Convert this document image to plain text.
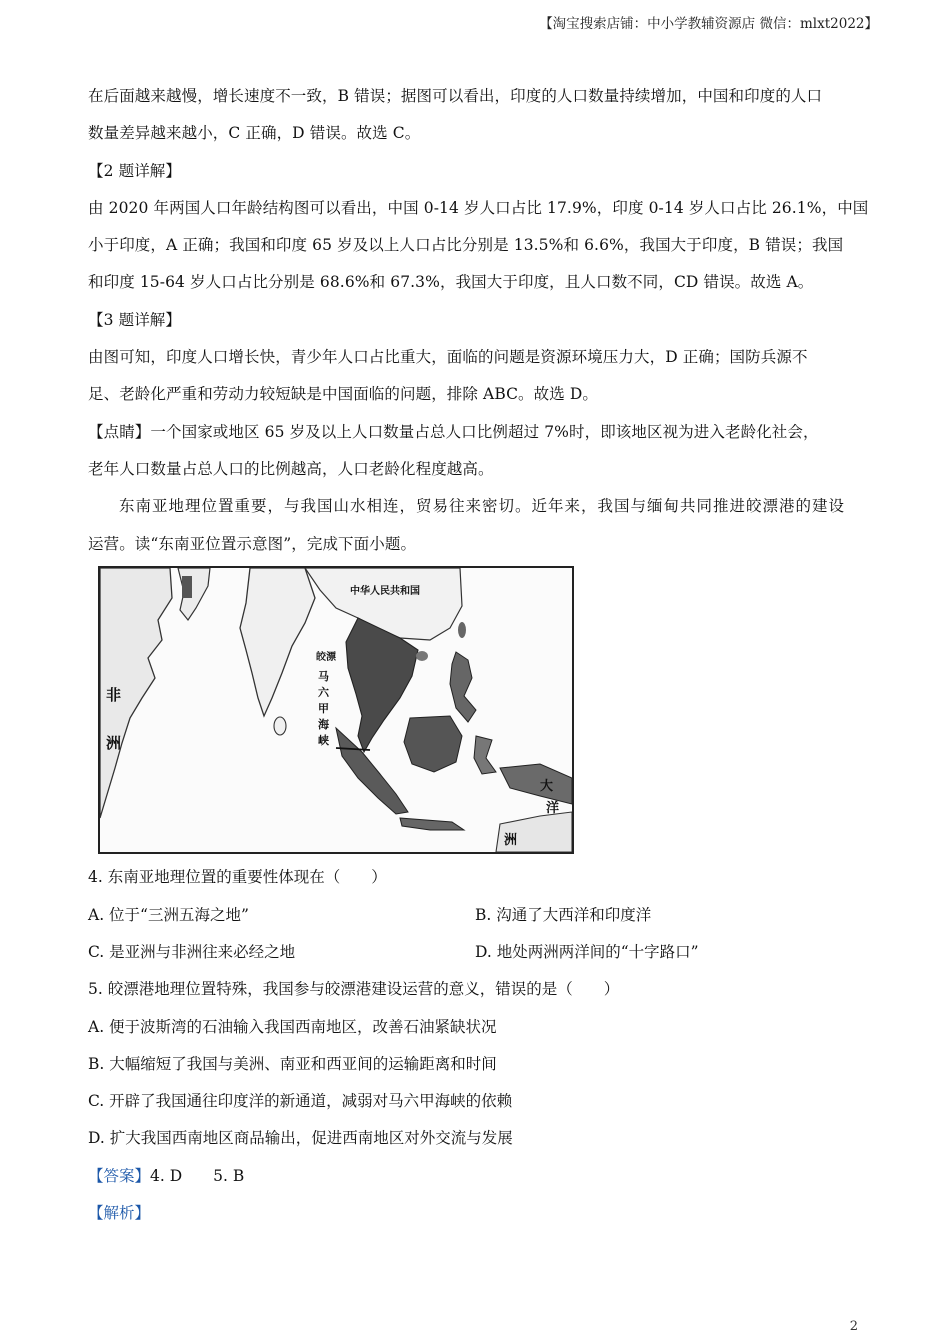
【淘宝搜索店铺：中小学教辅资源店 微信：mlxt2022】
在后面越来越慢，增长速度不一致，B 错误；据图可以看出，印度的人口数量持续增加，中国和印度的人口
数量差异越来越小，C 正确，D 错误。故选 C。
【2 题详解】
由 2020 年两国人口年龄结构图可以看出，中国 0-14 岁人口占比 17.9%，印度 0-14 岁人口占比 26.1%，中国
小于印度，A 正确；我国和印度 65 岁及以上人口占比分别是 13.5%和 6.6%，我国大于印度，B 错误；我国
和印度 15-64 岁人口占比分别是 68.6%和 67.3%，我国大于印度，且人口数不同，CD 错误。故选 A。
【3 题详解】
由图可知，印度人口增长快，青少年人口占比重大，面临的问题是资源环境压力大，D 正确；国防兵源不
足、老龄化严重和劳动力较短缺是中国面临的问题，排除 ABC。故选 D。
【点睛】一个国家或地区 65 岁及以上人口数量占总人口比例超过 7%时，即该地区视为进入老龄化社会，
老年人口数量占总人口的比例越高，人口老龄化程度越高。
东南亚地理位置重要，与我国山水相连，贸易往来密切。近年来，我国与缅甸共同推进皎漂港的建设
运营。读“东南亚位置示意图”，完成下面小题。
中华人民共和国
非
洲
皎漂
马
六
甲
海
峡
大
洋
洲
4. 东南亚地理位置的重要性体现在（　　）
A. 位于“三洲五海之地”	B. 沟通了大西洋和印度洋
C. 是亚洲与非洲往来必经之地	D. 地处两洲两洋间的“十字路口”
5. 皎漂港地理位置特殊，我国参与皎漂港建设运营的意义，错误的是（　　）
A. 便于波斯湾的石油输入我国西南地区，改善石油紧缺状况
B. 大幅缩短了我国与美洲、南亚和西亚间的运输距离和时间
C. 开辟了我国通往印度洋的新通道，减弱对马六甲海峡的依赖
D. 扩大我国西南地区商品输出，促进西南地区对外交流与发展
【答案】4. D　　5. B
【解析】
2
